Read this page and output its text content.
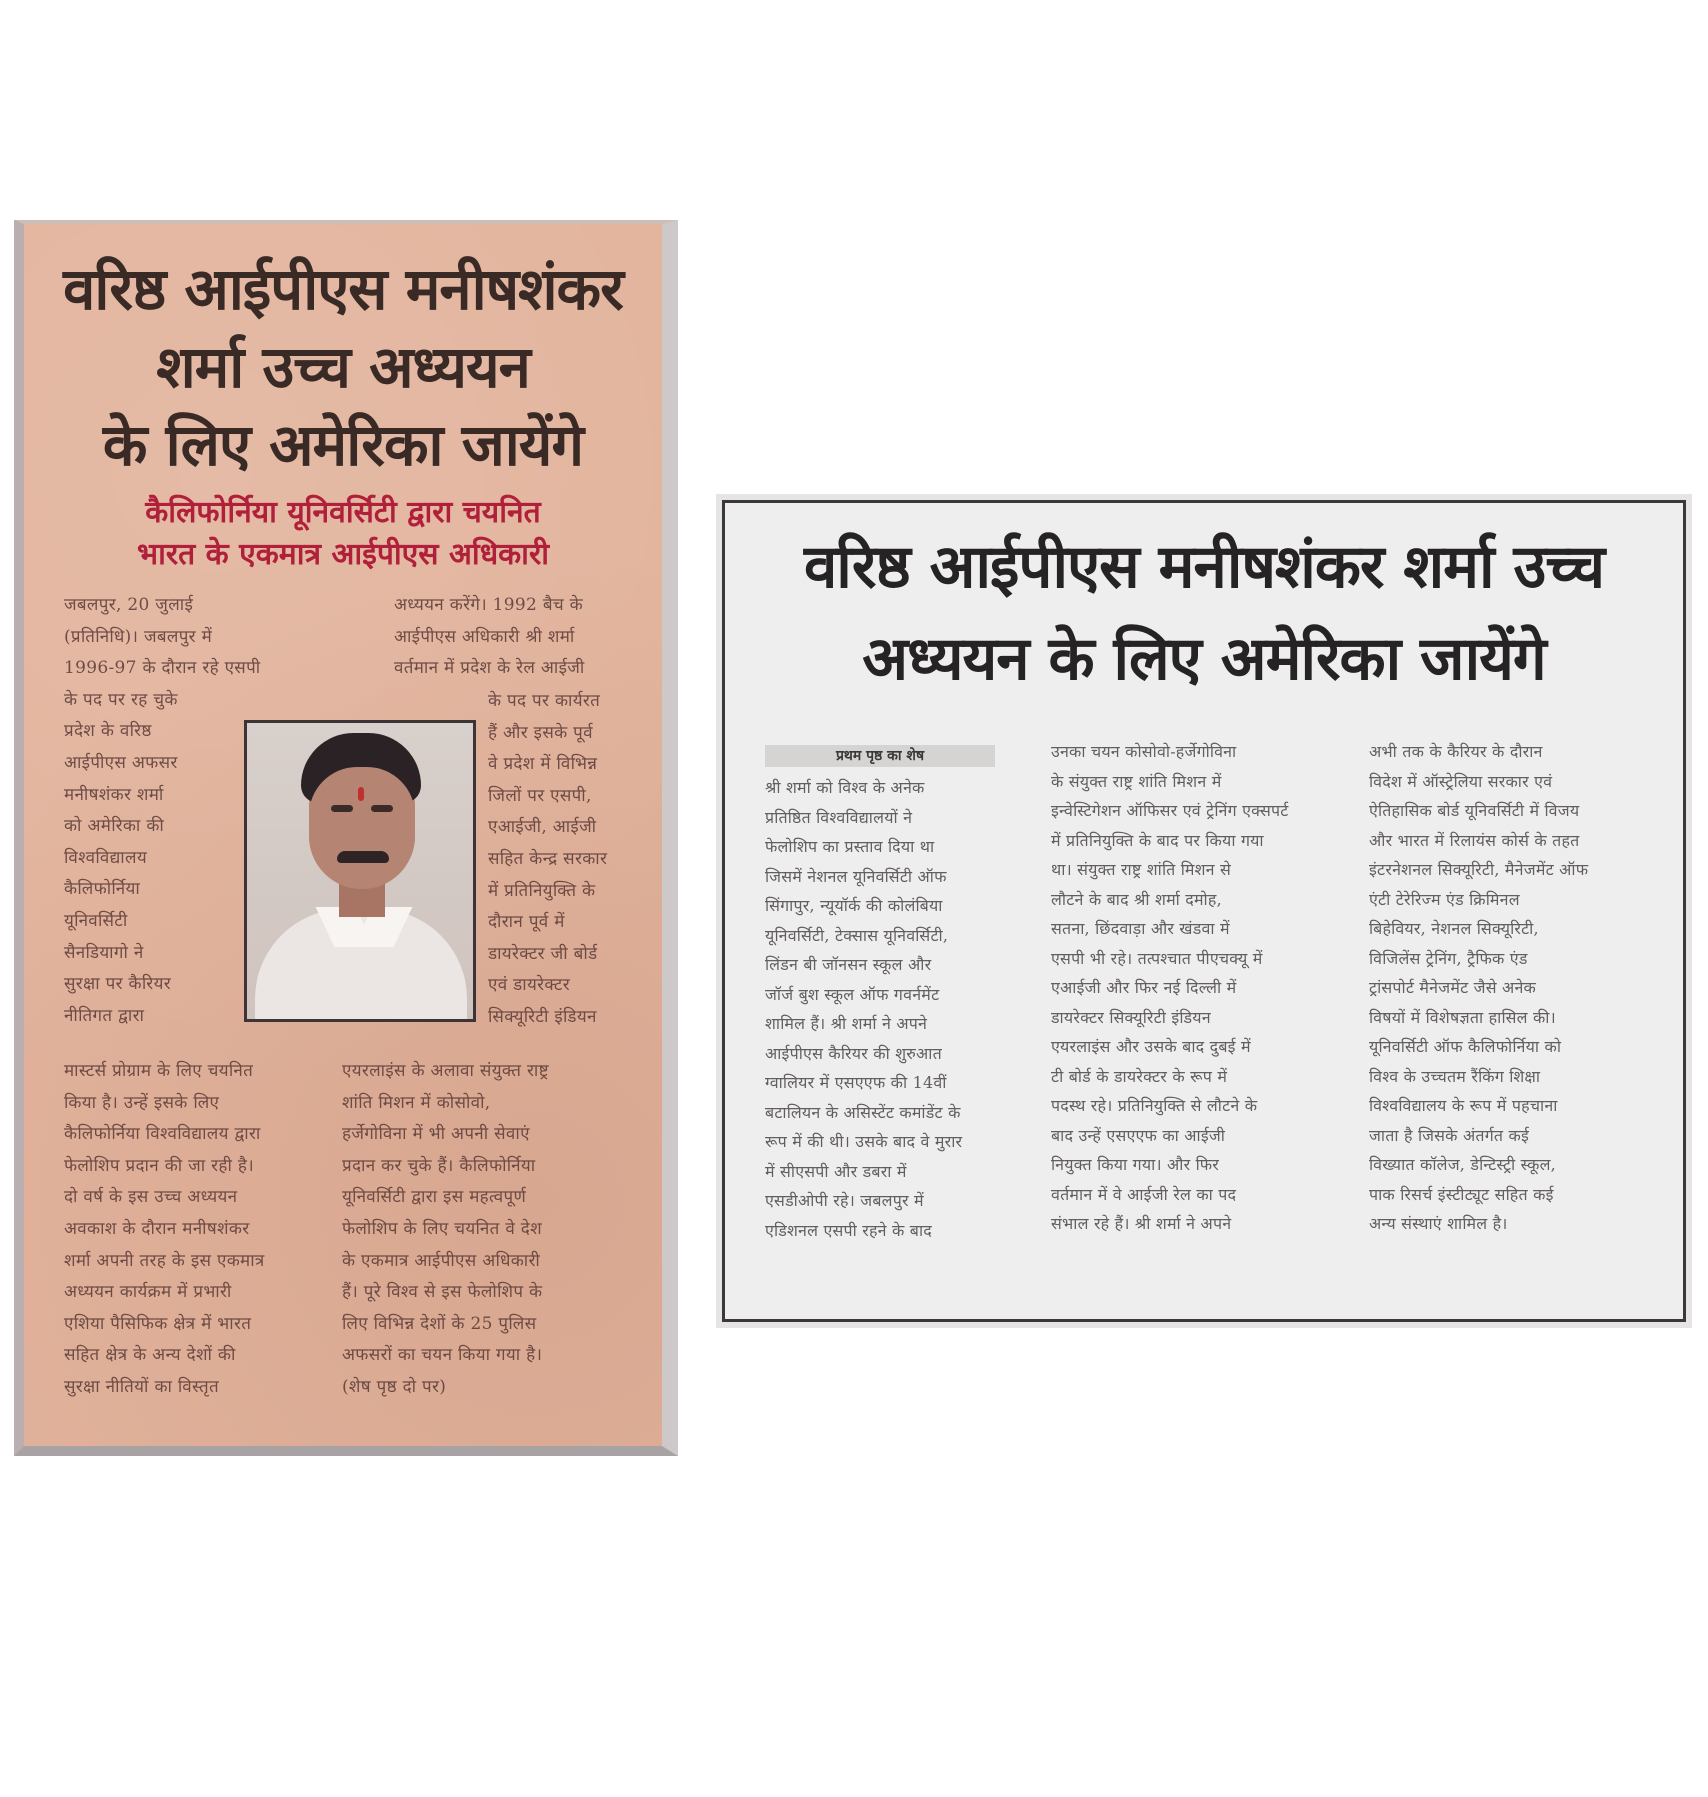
वरिष्ठ आईपीएस मनीषशंकर
शर्मा उच्च अध्ययन
के लिए अमेरिका जायेंगे
कैलिफोर्निया यूनिवर्सिटी द्वारा चयनित
भारत के एकमात्र आईपीएस अधिकारी
जबलपुर, 20 जुलाई
(प्रतिनिधि)। जबलपुर में
1996-97 के दौरान रहे एसपी
के पद पर रह चुके
प्रदेश के वरिष्ठ
आईपीएस अफसर
मनीषशंकर शर्मा
को अमेरिका की
विश्वविद्यालय
कैलिफोर्निया
यूनिवर्सिटी
सैनडियागो ने
सुरक्षा पर कैरियर
नीतिगत द्वारा
मास्टर्स प्रोग्राम के लिए चयनित
किया है। उन्हें इसके लिए
कैलिफोर्निया विश्वविद्यालय द्वारा
फेलोशिप प्रदान की जा रही है।
दो वर्ष के इस उच्च अध्ययन
अवकाश के दौरान मनीषशंकर
शर्मा अपनी तरह के इस एकमात्र
अध्ययन कार्यक्रम में प्रभारी
एशिया पैसिफिक क्षेत्र में भारत
सहित क्षेत्र के अन्य देशों की
सुरक्षा नीतियों का विस्तृत
अध्ययन करेंगे। 1992 बैच के
आईपीएस अधिकारी श्री शर्मा
वर्तमान में प्रदेश के रेल आईजी
के पद पर कार्यरत
हैं और इसके पूर्व
वे प्रदेश में विभिन्न
जिलों पर एसपी,
एआईजी, आईजी
सहित केन्द्र सरकार
में प्रतिनियुक्ति के
दौरान पूर्व में
डायरेक्टर जी बोर्ड
एवं डायरेक्टर
सिक्यूरिटी इंडियन
एयरलाइंस के अलावा संयुक्त राष्ट्र
शांति मिशन में कोसोवो,
हर्जेगोविना में भी अपनी सेवाएं
प्रदान कर चुके हैं। कैलिफोर्निया
यूनिवर्सिटी द्वारा इस महत्वपूर्ण
फेलोशिप के लिए चयनित वे देश
के एकमात्र आईपीएस अधिकारी
हैं। पूरे विश्व से इस फेलोशिप के
लिए विभिन्न देशों के 25 पुलिस
अफसरों का चयन किया गया है।
(शेष पृष्ठ दो पर)
वरिष्ठ आईपीएस मनीषशंकर शर्मा उच्च
अध्ययन के लिए अमेरिका जायेंगे
प्रथम पृष्ठ का शेष
श्री शर्मा को विश्व के अनेक
प्रतिष्ठित विश्वविद्यालयों ने
फेलोशिप का प्रस्ताव दिया था
जिसमें नेशनल यूनिवर्सिटी ऑफ
सिंगापुर, न्यूयॉर्क की कोलंबिया
यूनिवर्सिटी, टेक्सास यूनिवर्सिटी,
लिंडन बी जॉनसन स्कूल और
जॉर्ज बुश स्कूल ऑफ गवर्नमेंट
शामिल हैं। श्री शर्मा ने अपने
आईपीएस कैरियर की शुरुआत
ग्वालियर में एसएएफ की 14वीं
बटालियन के असिस्टेंट कमांडेंट के
रूप में की थी। उसके बाद वे मुरार
में सीएसपी और डबरा में
एसडीओपी रहे। जबलपुर में
एडिशनल एसपी रहने के बाद
उनका चयन कोसोवो-हर्जेगोविना
के संयुक्त राष्ट्र शांति मिशन में
इन्वेस्टिगेशन ऑफिसर एवं ट्रेनिंग एक्सपर्ट
में प्रतिनियुक्ति के बाद पर किया गया
था। संयुक्त राष्ट्र शांति मिशन से
लौटने के बाद श्री शर्मा दमोह,
सतना, छिंदवाड़ा और खंडवा में
एसपी भी रहे। तत्पश्चात पीएचक्यू में
एआईजी और फिर नई दिल्ली में
डायरेक्टर सिक्यूरिटी इंडियन
एयरलाइंस और उसके बाद दुबई में
टी बोर्ड के डायरेक्टर के रूप में
पदस्थ रहे। प्रतिनियुक्ति से लौटने के
बाद उन्हें एसएएफ का आईजी
नियुक्त किया गया। और फिर
वर्तमान में वे आईजी रेल का पद
संभाल रहे हैं। श्री शर्मा ने अपने
अभी तक के कैरियर के दौरान
विदेश में ऑस्ट्रेलिया सरकार एवं
ऐतिहासिक बोर्ड यूनिवर्सिटी में विजय
और भारत में रिलायंस कोर्स के तहत
इंटरनेशनल सिक्यूरिटी, मैनेजमेंट ऑफ
एंटी टेरेरिज्म एंड क्रिमिनल
बिहेवियर, नेशनल सिक्यूरिटी,
विजिलेंस ट्रेनिंग, ट्रैफिक एंड
ट्रांसपोर्ट मैनेजमेंट जैसे अनेक
विषयों में विशेषज्ञता हासिल की।
यूनिवर्सिटी ऑफ कैलिफोर्निया को
विश्व के उच्चतम रैंकिंग शिक्षा
विश्वविद्यालय के रूप में पहचाना
जाता है जिसके अंतर्गत कई
विख्यात कॉलेज, डेन्टिस्ट्री स्कूल,
पाक रिसर्च इंस्टीट्यूट सहित कई
अन्य संस्थाएं शामिल है।
